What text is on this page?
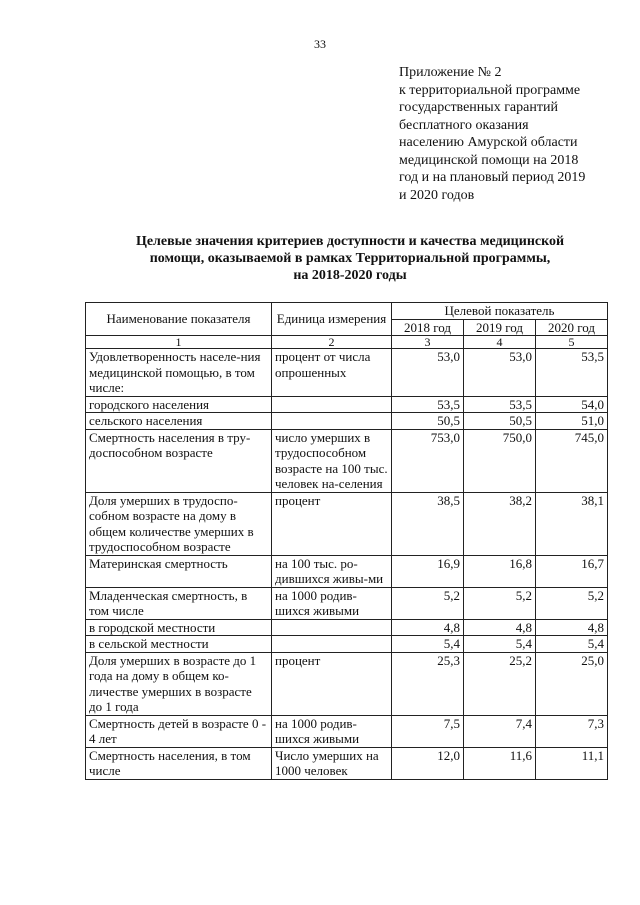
33
Приложение № 2
к территориальной программе
государственных гарантий
бесплатного оказания
населению Амурской области
медицинской помощи на 2018
год и на плановый период 2019
и 2020 годов
Целевые значения критериев доступности и качества медицинской
помощи, оказываемой в рамках Территориальной программы,
на 2018-2020 годы
Наименование показателя	Единица измерения	Целевой показатель		
		2018 год	2019 год	2020 год
1	2	3	4	5
Удовлетворенность населе-ния медицинской помощью, в том числе:	процент от числа опрошенных	53,0	53,0	53,5
городского населения		53,5	53,5	54,0
сельского населения		50,5	50,5	51,0
Смертность населения в тру-доспособном возрасте	число умерших в трудоспособном возрасте на 100 тыс. человек на-селения	753,0	750,0	745,0
Доля умерших в трудоспо-собном возрасте на дому в общем количестве умерших в трудоспособном возрасте	процент	38,5	38,2	38,1
Материнская смертность	на 100 тыс. ро-дившихся живы-ми	16,9	16,8	16,7
Младенческая смертность, в том числе	на 1000 родив-шихся живыми	5,2	5,2	5,2
в городской местности		4,8	4,8	4,8
в сельской местности		5,4	5,4	5,4
Доля умерших в возрасте до 1 года на дому в общем ко-личестве умерших в возрасте до 1 года	процент	25,3	25,2	25,0
Смертность детей в возрасте 0 - 4 лет	на 1000 родив-шихся живыми	7,5	7,4	7,3
Смертность населения, в том числе	Число умерших на 1000 человек	12,0	11,6	11,1
